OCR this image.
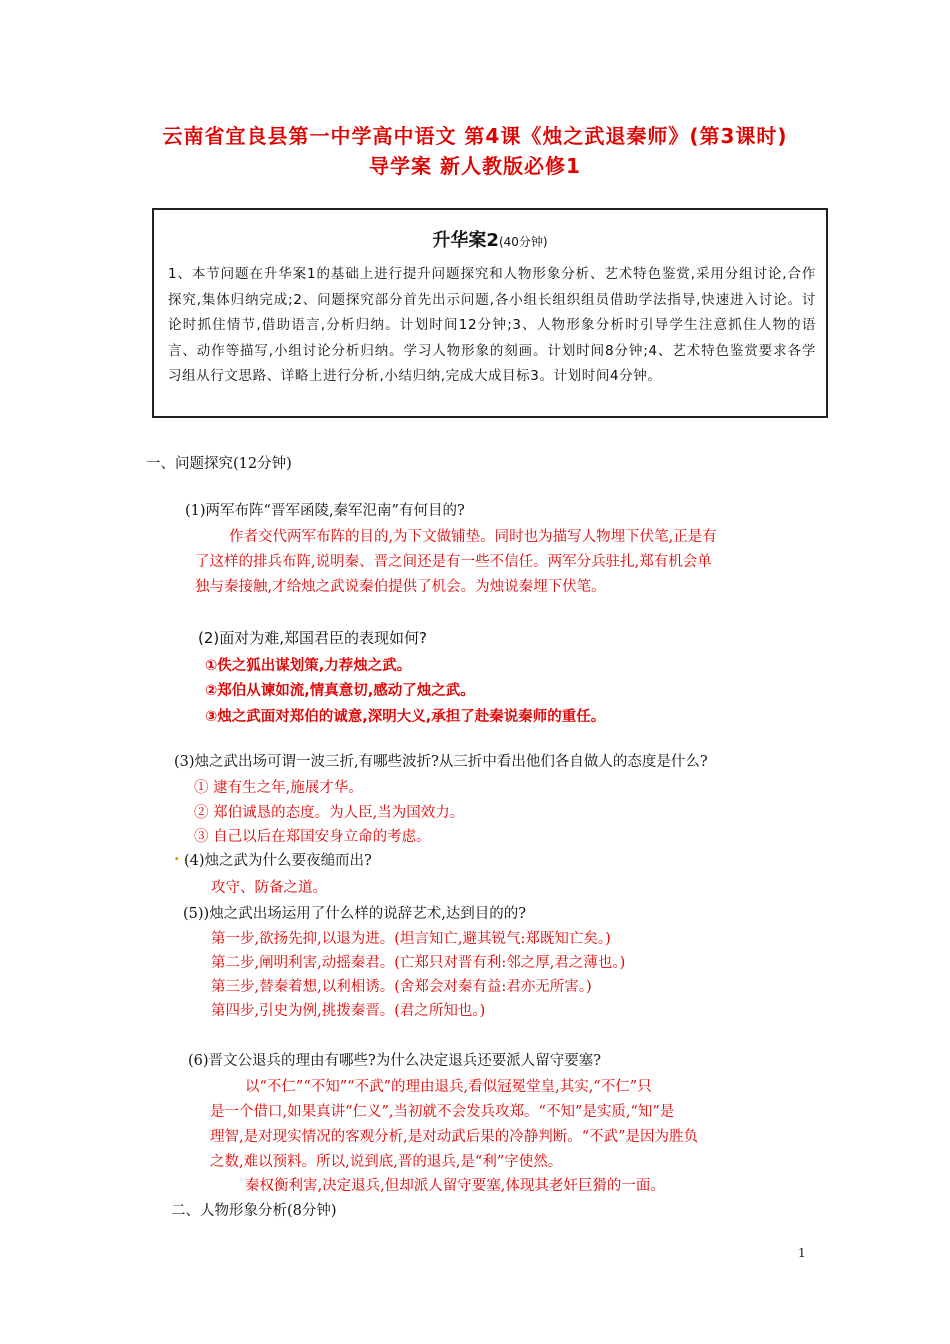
云南省宜良县第一中学高中语文 第4课《烛之武退秦师》(第3课时)
导学案 新人教版必修1
升华案2(40分钟)
1、本节问题在升华案1的基础上进行提升问题探究和人物形象分析、艺术特色鉴赏,采用分组讨论,合作探究,集体归纳完成;2、问题探究部分首先出示问题,各小组长组织组员借助学法指导,快速进入讨论。讨论时抓住情节,借助语言,分析归纳。计划时间12分钟;3、人物形象分析时引导学生注意抓住人物的语言、动作等描写,小组讨论分析归纳。学习人物形象的刻画。计划时间8分钟;4、艺术特色鉴赏要求各学习组从行文思路、详略上进行分析,小结归纳,完成大成目标3。计划时间4分钟。
一、问题探究(12分钟)
(1)两军布阵“晋军函陵,秦军氾南”有何目的?
作者交代两军布阵的目的,为下文做铺垫。同时也为描写人物埋下伏笔,正是有
了这样的排兵布阵,说明秦、晋之间还是有一些不信任。两军分兵驻扎,郑有机会单
独与秦接触,才给烛之武说秦伯提供了机会。为烛说秦埋下伏笔。
(2)面对为难,郑国君臣的表现如何?
①佚之狐出谋划策,力荐烛之武。
②郑伯从谏如流,情真意切,感动了烛之武。
③烛之武面对郑伯的诚意,深明大义,承担了赴秦说秦师的重任。
(3)烛之武出场可谓一波三折,有哪些波折?从三折中看出他们各自做人的态度是什么?
① 逮有生之年,施展才华。
② 郑伯诚恳的态度。为人臣,当为国效力。
③ 自己以后在郑国安身立命的考虑。
. (4)烛之武为什么要夜缒而出?
攻守、防备之道。
(5))烛之武出场运用了什么样的说辞艺术,达到目的的?
第一步,欲扬先抑,以退为进。(坦言知亡,避其锐气:郑既知亡矣。)
第二步,阐明利害,动摇秦君。(亡郑只对晋有利:邻之厚,君之薄也。)
第三步,替秦着想,以利相诱。(舍郑会对秦有益:君亦无所害。)
第四步,引史为例,挑拨秦晋。(君之所知也。)
(6)晋文公退兵的理由有哪些?为什么决定退兵还要派人留守要塞?
以“不仁”“不知”“不武”的理由退兵,看似冠冕堂皇,其实,“不仁”只
是一个借口,如果真讲“仁义”,当初就不会发兵攻郑。“不知”是实质,“知”是
理智,是对现实情况的客观分析,是对动武后果的冷静判断。“不武”是因为胜负
之数,难以预料。所以,说到底,晋的退兵,是“利”字使然。
秦权衡利害,决定退兵,但却派人留守要塞,体现其老奸巨猾的一面。
二、人物形象分析(8分钟)
1
